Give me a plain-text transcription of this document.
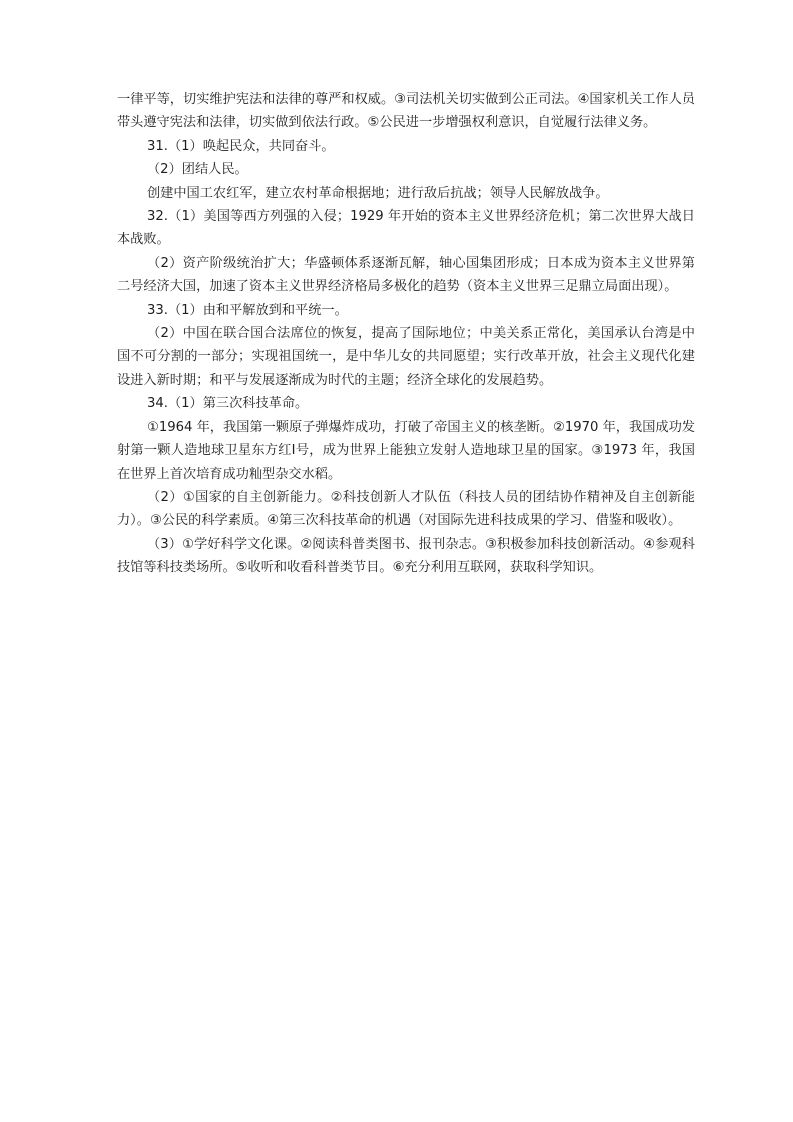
一律平等，切实维护宪法和法律的尊严和权威。③司法机关切实做到公正司法。④国家机关工作人员带头遵守宪法和法律，切实做到依法行政。⑤公民进一步增强权利意识，自觉履行法律义务。

31.（1）唤起民众，共同奋斗。

（2）团结人民。

创建中国工农红军，建立农村革命根据地；进行敌后抗战；领导人民解放战争。

32.（1）美国等西方列强的入侵；1929 年开始的资本主义世界经济危机；第二次世界大战日本战败。

（2）资产阶级统治扩大；华盛顿体系逐渐瓦解，轴心国集团形成；日本成为资本主义世界第二号经济大国，加速了资本主义世界经济格局多极化的趋势（资本主义世界三足鼎立局面出现）。

33.（1）由和平解放到和平统一。

（2）中国在联合国合法席位的恢复，提高了国际地位；中美关系正常化，美国承认台湾是中国不可分割的一部分；实现祖国统一，是中华儿女的共同愿望；实行改革开放，社会主义现代化建设进入新时期；和平与发展逐渐成为时代的主题；经济全球化的发展趋势。

34.（1）第三次科技革命。

①1964 年，我国第一颗原子弹爆炸成功，打破了帝国主义的核垄断。②1970 年，我国成功发射第一颗人造地球卫星东方红Ⅰ号，成为世界上能独立发射人造地球卫星的国家。③1973 年，我国在世界上首次培育成功籼型杂交水稻。

（2）①国家的自主创新能力。②科技创新人才队伍（科技人员的团结协作精神及自主创新能力）。③公民的科学素质。④第三次科技革命的机遇（对国际先进科技成果的学习、借鉴和吸收）。

（3）①学好科学文化课。②阅读科普类图书、报刊杂志。③积极参加科技创新活动。④参观科技馆等科技类场所。⑤收听和收看科普类节目。⑥充分利用互联网，获取科学知识。
